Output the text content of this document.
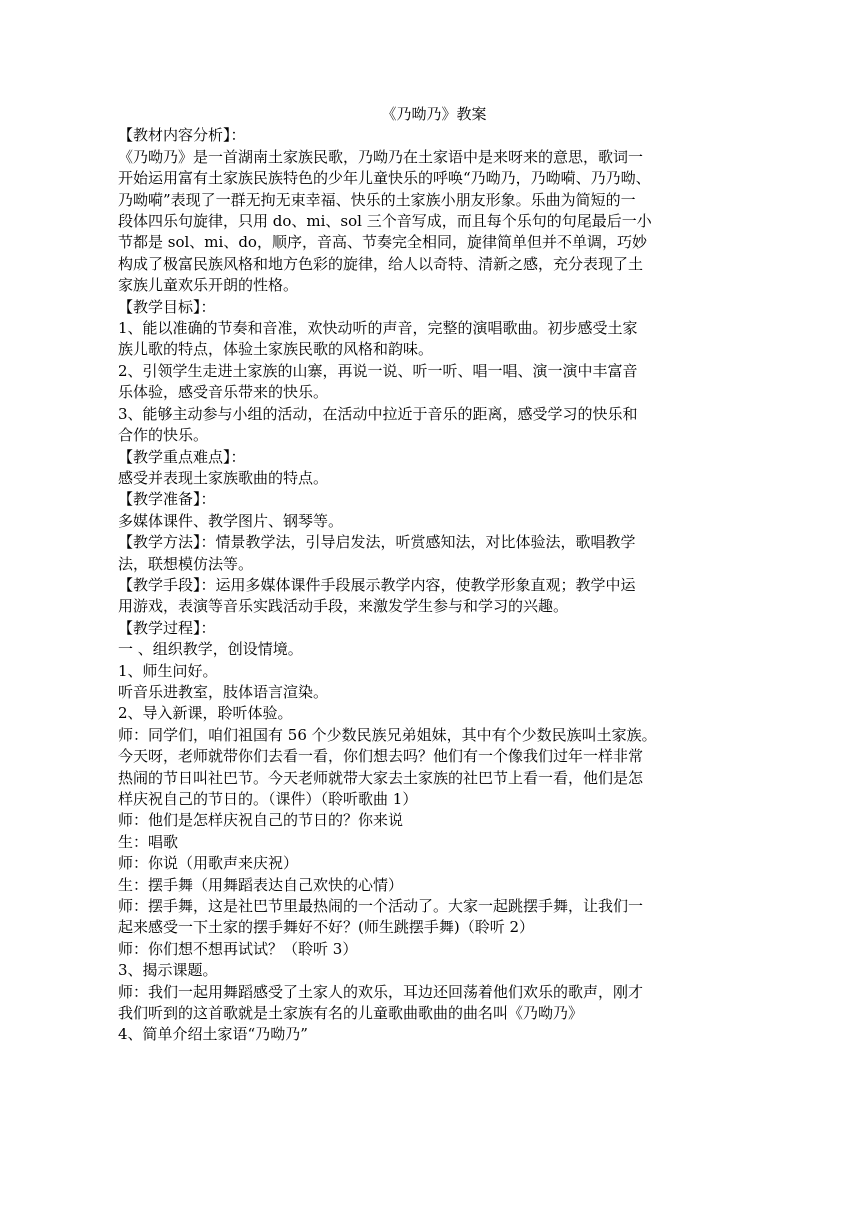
《乃呦乃》教案

【教材内容分析】：

《乃呦乃》是一首湖南土家族民歌，乃呦乃在土家语中是来呀来的意思，歌词一

开始运用富有土家族民族特色的少年儿童快乐的呼唤“乃呦乃，乃呦嗬、乃乃呦、

乃呦嗬”表现了一群无拘无束幸福、快乐的土家族小朋友形象。乐曲为简短的一

段体四乐句旋律，只用 do、mi、sol 三个音写成，而且每个乐句的句尾最后一小

节都是 sol、mi、do，顺序，音高、节奏完全相同，旋律简单但并不单调，巧妙

构成了极富民族风格和地方色彩的旋律，给人以奇特、清新之感，充分表现了土

家族儿童欢乐开朗的性格。

【教学目标】：

1、能以准确的节奏和音准，欢快动听的声音，完整的演唱歌曲。初步感受土家

族儿歌的特点，体验土家族民歌的风格和韵味。

2、引领学生走进土家族的山寨，再说一说、听一听、唱一唱、演一演中丰富音

乐体验，感受音乐带来的快乐。

3、能够主动参与小组的活动，在活动中拉近于音乐的距离，感受学习的快乐和

合作的快乐。

【教学重点难点】：

感受并表现土家族歌曲的特点。

【教学准备】：

多媒体课件、教学图片、钢琴等。

【教学方法】：情景教学法，引导启发法，听赏感知法，对比体验法，歌唱教学

法，联想模仿法等。

【教学手段】：运用多媒体课件手段展示教学内容，使教学形象直观；教学中运

用游戏，表演等音乐实践活动手段，来激发学生参与和学习的兴趣。

【教学过程】：

一 、组织教学，创设情境。

1、师生问好。

听音乐进教室，肢体语言渲染。

2、导入新课，聆听体验。

师：同学们，咱们祖国有 56 个少数民族兄弟姐妹，其中有个少数民族叫土家族。

今天呀，老师就带你们去看一看，你们想去吗？他们有一个像我们过年一样非常

热闹的节日叫社巴节。今天老师就带大家去土家族的社巴节上看一看，他们是怎

样庆祝自己的节日的。（课件）（聆听歌曲 1）

师：他们是怎样庆祝自己的节日的？你来说

生：唱歌

师：你说（用歌声来庆祝）

生：摆手舞（用舞蹈表达自己欢快的心情）

师：摆手舞，这是社巴节里最热闹的一个活动了。大家一起跳摆手舞，让我们一

起来感受一下土家的摆手舞好不好？(师生跳摆手舞)（聆听 2）

师：你们想不想再试试？（聆听 3）

3、揭示课题。

师：我们一起用舞蹈感受了土家人的欢乐，耳边还回荡着他们欢乐的歌声，刚才

我们听到的这首歌就是土家族有名的儿童歌曲歌曲的曲名叫《乃呦乃》

4、简单介绍土家语“乃呦乃”
